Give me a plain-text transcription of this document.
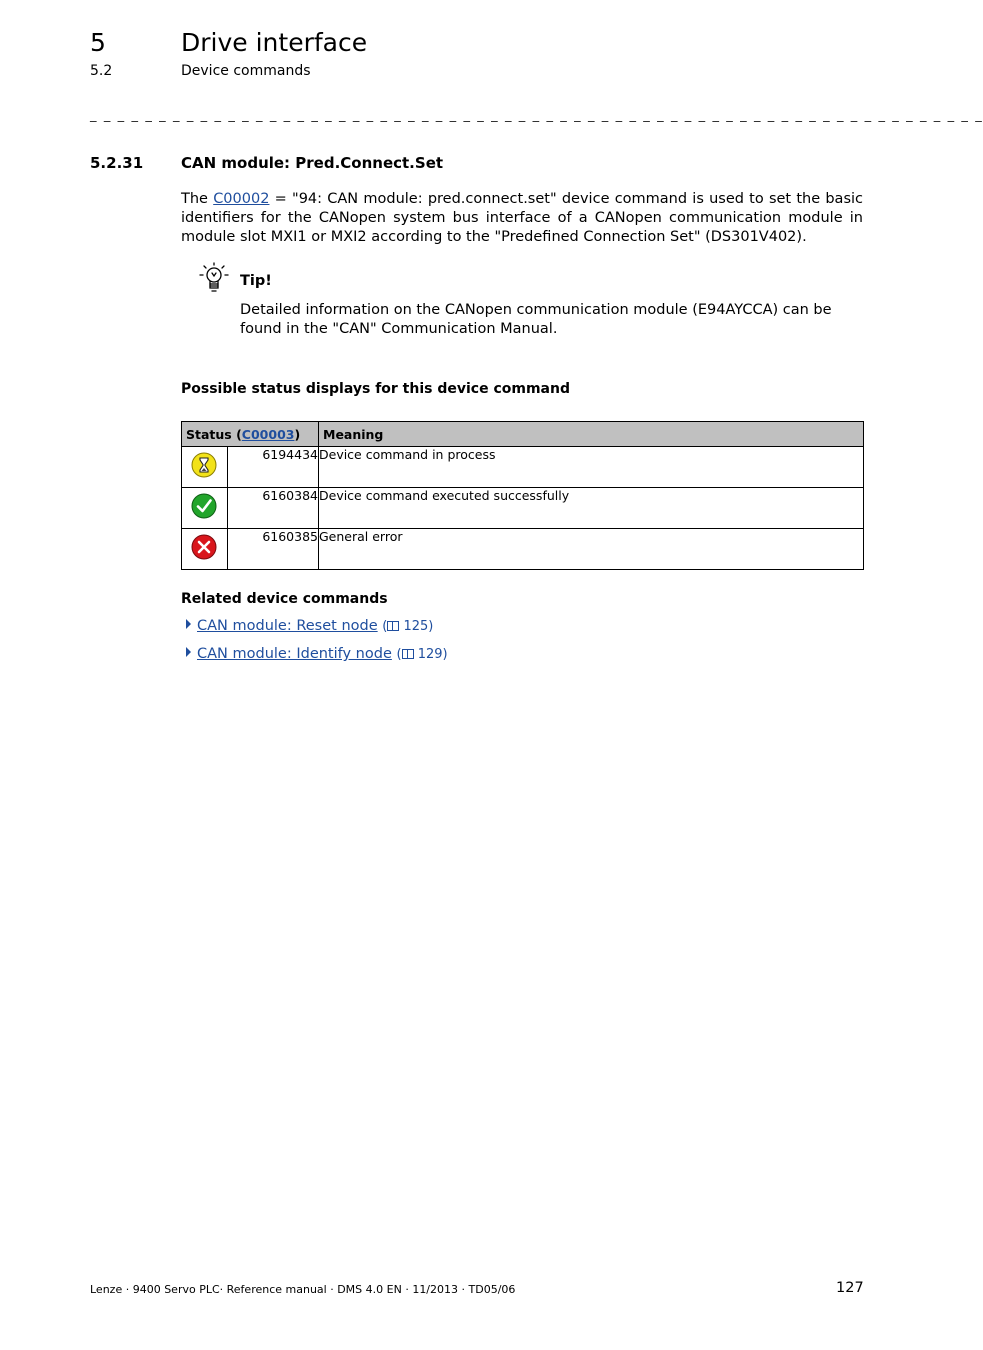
5	Drive interface
5.2	Device commands
_ _ _ _ _ _ _ _ _ _ _ _ _ _ _ _ _ _ _ _ _ _ _ _ _ _ _ _ _ _ _ _ _ _ _ _ _ _ _ _ _ _ _ _ _ _ _ _ _ _ _ _ _ _ _ _ _ _ _ _ _ _ _ _ _
5.2.31	CAN module: Pred.Connect.Set
The C00002 = "94: CAN module: pred.connect.set" device command is used to set the basic identifiers for the CANopen system bus interface of a CANopen communication module in module slot MXI1 or MXI2 according to the "Predefined Connection Set" (DS301V402).
Tip!
Detailed information on the CANopen communication module (E94AYCCA) can be found in the "CAN" Communication Manual.
Possible status displays for this device command
Status (C00003)		Meaning

	6194434	Device command in process

	6160384	Device command executed successfully

	6160385	General error
Related device commands
CAN module: Reset node ( 125)
CAN module: Identify node ( 129)
Lenze · 9400 Servo PLC· Reference manual · DMS 4.0 EN · 11/2013 · TD05/06	127
